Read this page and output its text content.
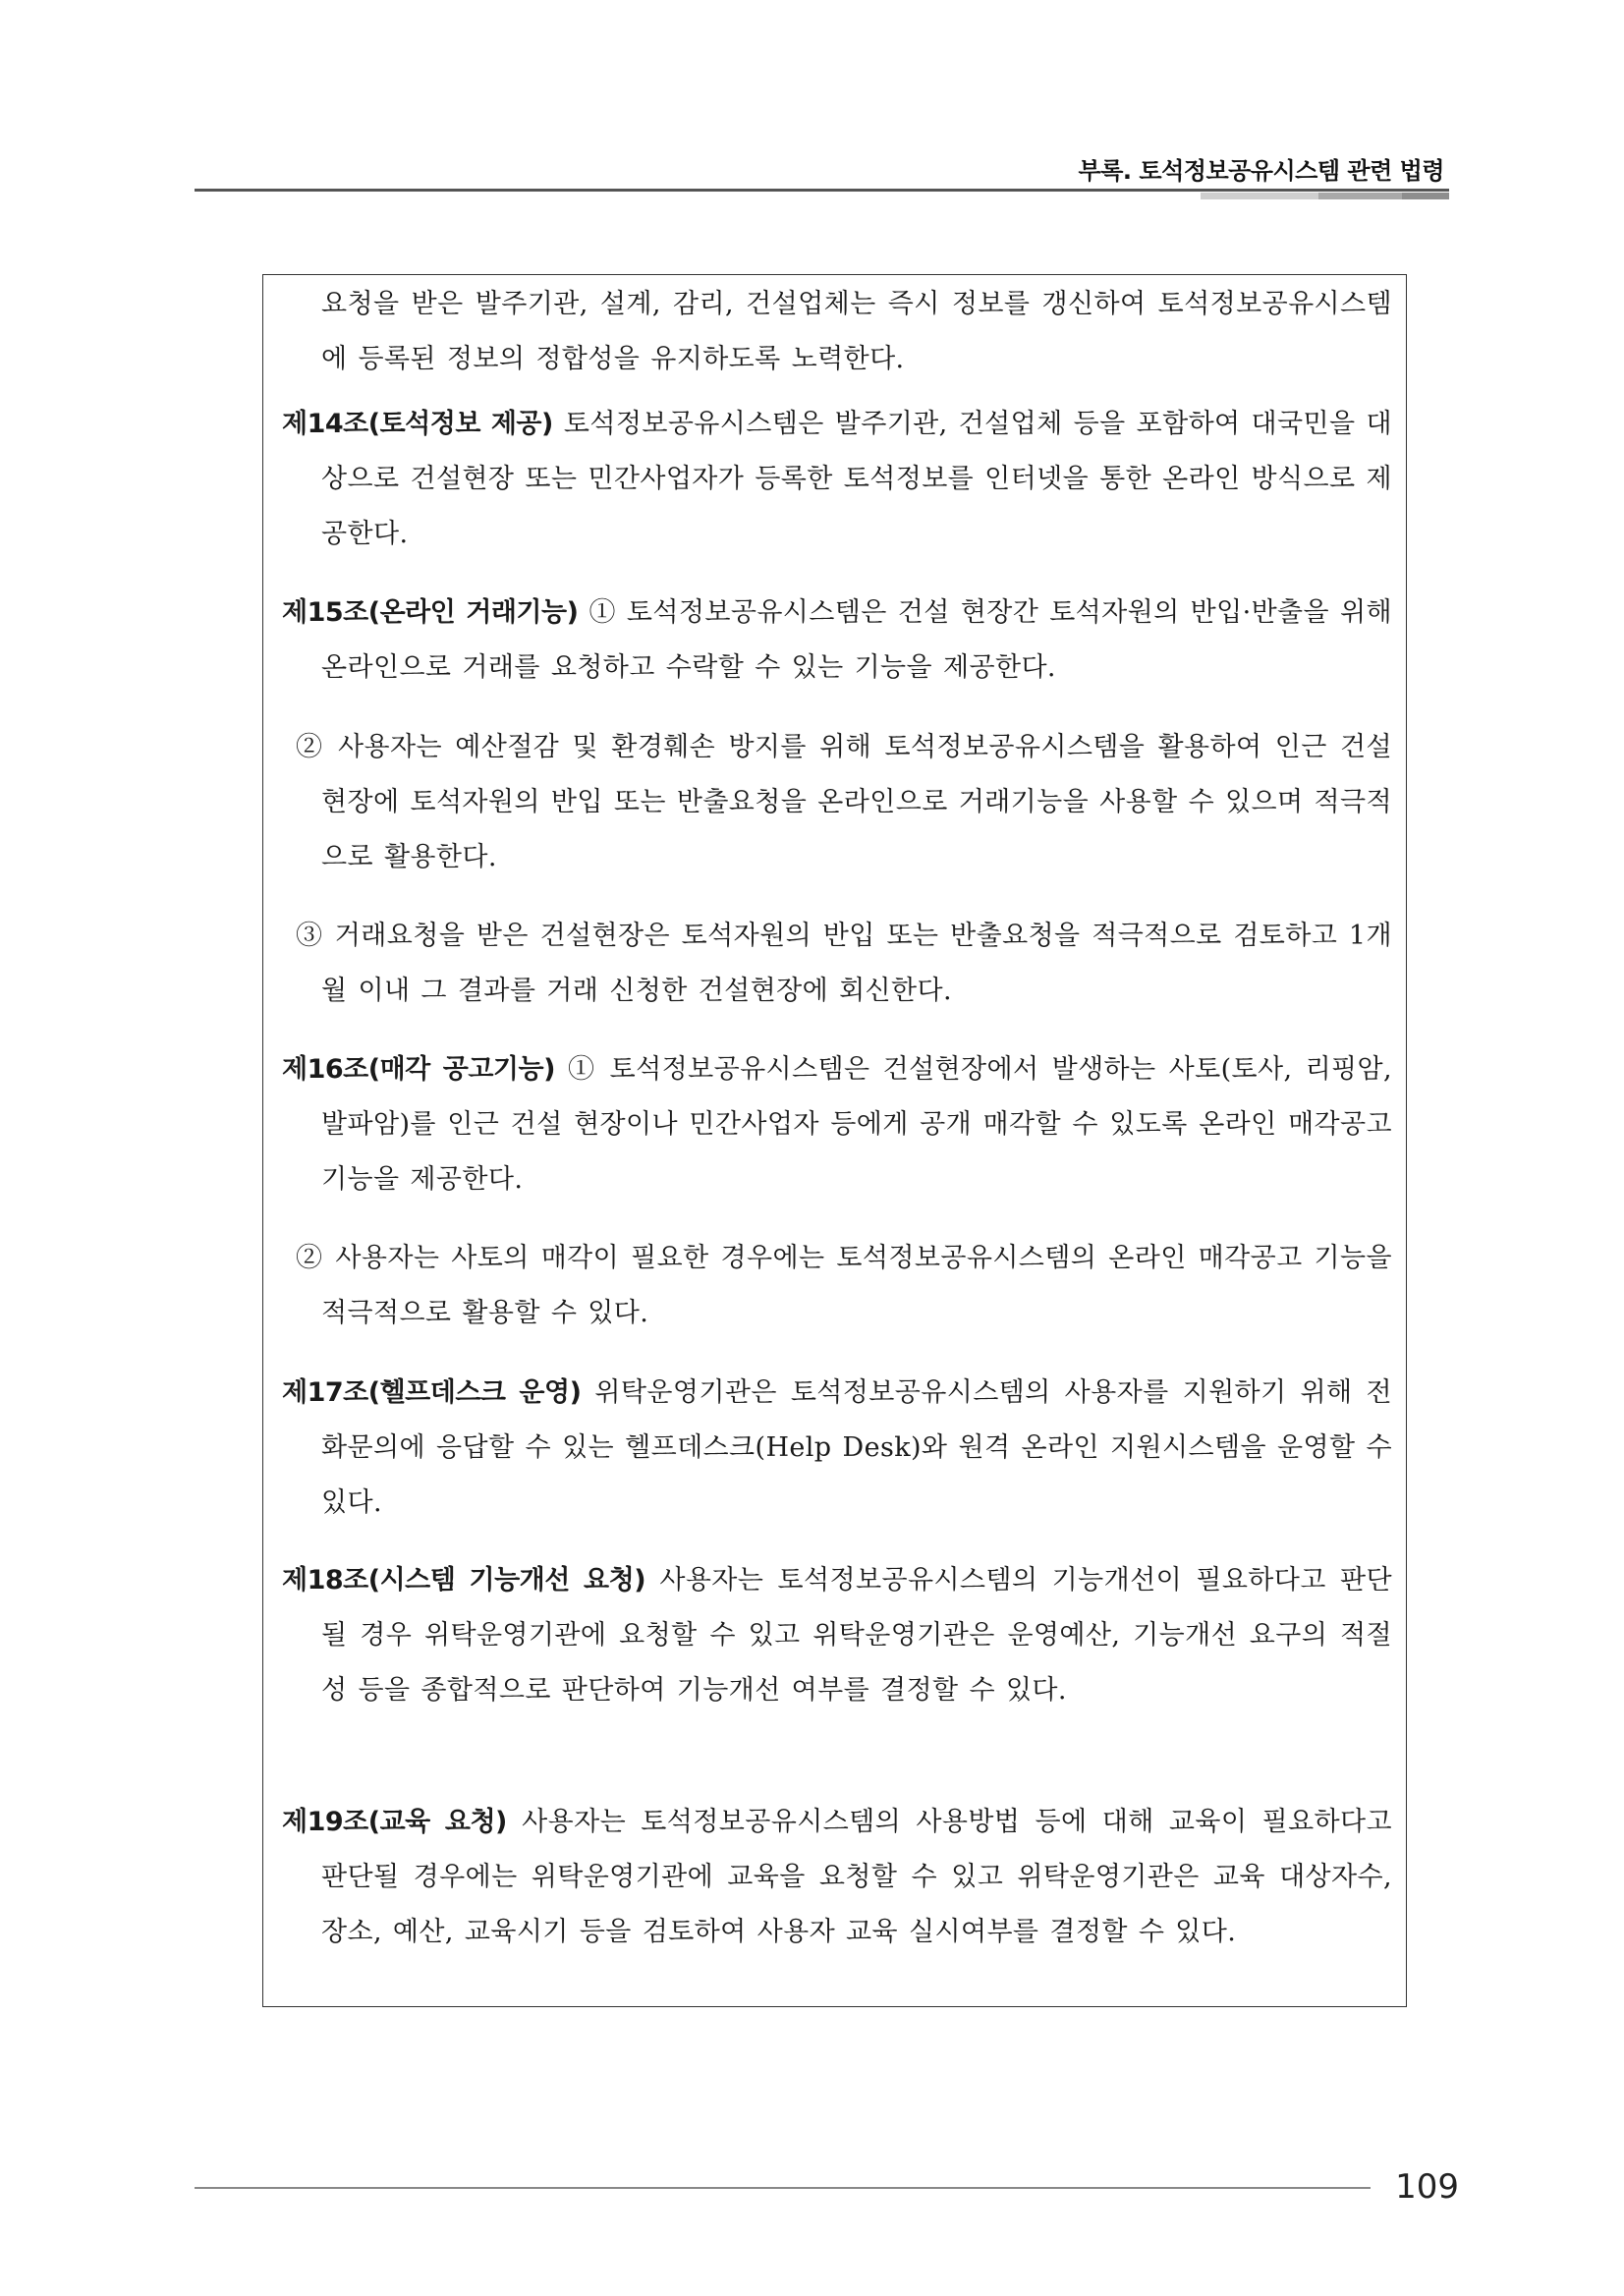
부록. 토석정보공유시스템 관련 법령
요청을 받은 발주기관, 설계, 감리, 건설업체는 즉시 정보를 갱신하여 토석정보공유시스템에 등록된 정보의 정합성을 유지하도록 노력한다.
제14조(토석정보 제공) 토석정보공유시스템은 발주기관, 건설업체 등을 포함하여 대국민을 대상으로 건설현장 또는 민간사업자가 등록한 토석정보를 인터넷을 통한 온라인 방식으로 제공한다.
제15조(온라인 거래기능) ① 토석정보공유시스템은 건설 현장간 토석자원의 반입·반출을 위해 온라인으로 거래를 요청하고 수락할 수 있는 기능을 제공한다.
② 사용자는 예산절감 및 환경훼손 방지를 위해 토석정보공유시스템을 활용하여 인근 건설현장에 토석자원의 반입 또는 반출요청을 온라인으로 거래기능을 사용할 수 있으며 적극적으로 활용한다.
③ 거래요청을 받은 건설현장은 토석자원의 반입 또는 반출요청을 적극적으로 검토하고 1개월 이내 그 결과를 거래 신청한 건설현장에 회신한다.
제16조(매각 공고기능) ① 토석정보공유시스템은 건설현장에서 발생하는 사토(토사, 리핑암, 발파암)를 인근 건설 현장이나 민간사업자 등에게 공개 매각할 수 있도록 온라인 매각공고 기능을 제공한다.
② 사용자는 사토의 매각이 필요한 경우에는 토석정보공유시스템의 온라인 매각공고 기능을 적극적으로 활용할 수 있다.
제17조(헬프데스크 운영) 위탁운영기관은 토석정보공유시스템의 사용자를 지원하기 위해 전화문의에 응답할 수 있는 헬프데스크(Help Desk)와 원격 온라인 지원시스템을 운영할 수 있다.
제18조(시스템 기능개선 요청) 사용자는 토석정보공유시스템의 기능개선이 필요하다고 판단될 경우 위탁운영기관에 요청할 수 있고 위탁운영기관은 운영예산, 기능개선 요구의 적절성 등을 종합적으로 판단하여 기능개선 여부를 결정할 수 있다.
제19조(교육 요청) 사용자는 토석정보공유시스템의 사용방법 등에 대해 교육이 필요하다고 판단될 경우에는 위탁운영기관에 교육을 요청할 수 있고 위탁운영기관은 교육 대상자수, 장소, 예산, 교육시기 등을 검토하여 사용자 교육 실시여부를 결정할 수 있다.
109
